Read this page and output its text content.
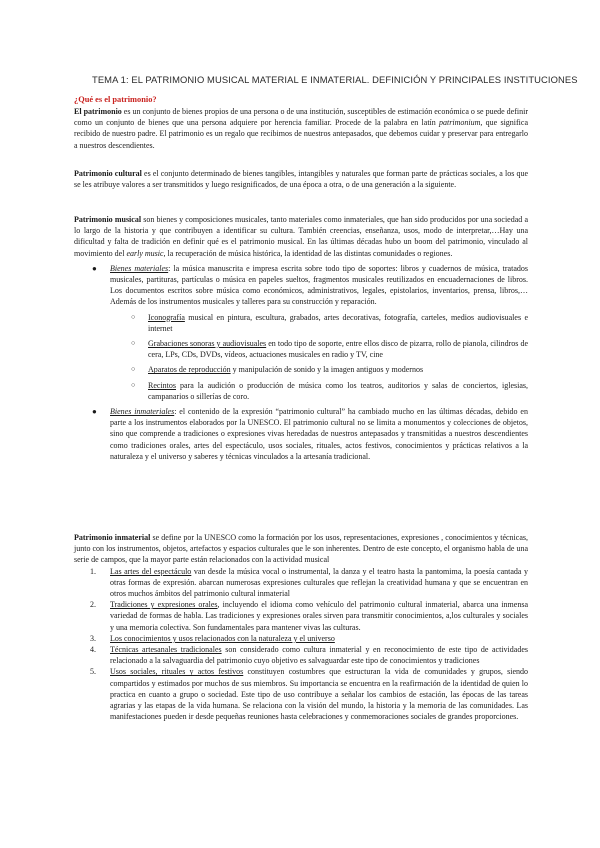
TEMA 1: EL PATRIMONIO MUSICAL MATERIAL E INMATERIAL. DEFINICIÓN Y PRINCIPALES INSTITUCIONES
¿Qué es el patrimonio?
El patrimonio es un conjunto de bienes propios de una persona o de una institución, susceptibles de estimación económica o se puede definir como un conjunto de bienes que una persona adquiere por herencia familiar. Procede de la palabra en latín patrimonium, que significa recibido de nuestro padre. El patrimonio es un regalo que recibimos de nuestros antepasados, que debemos cuidar y preservar para entregarlo a nuestros descendientes.
Patrimonio cultural es el conjunto determinado de bienes tangibles, intangibles y naturales que forman parte de prácticas sociales, a los que se les atribuye valores a ser transmitidos y luego resignificados, de una época a otra, o de una generación a la siguiente.
Patrimonio musical son bienes y composiciones musicales, tanto materiales como inmateriales, que han sido producidos por una sociedad a lo largo de la historia y que contribuyen a identificar su cultura. También creencias, enseñanza, usos, modo de interpretar,…Hay una dificultad y falta de tradición en definir qué es el patrimonio musical. En las últimas décadas hubo un boom del patrimonio, vinculado al movimiento del early music, la recuperación de música histórica, la identidad de las distintas comunidades o regiones.
● Bienes materiales: la música manuscrita e impresa escrita sobre todo tipo de soportes: libros y cuadernos de música, tratados musicales, partituras, partículas o música en papeles sueltos, fragmentos musicales reutilizados en encuadernaciones de libros. Los documentos escritos sobre música como económicos, administrativos, legales, epistolarios, inventarios, prensa, libros,… Además de los instrumentos musicales y talleres para su construcción y reparación.
○ Iconografía musical en pintura, escultura, grabados, artes decorativas, fotografía, carteles, medios audiovisuales e internet
○ Grabaciones sonoras y audiovisuales en todo tipo de soporte, entre ellos disco de pizarra, rollo de pianola, cilindros de cera, LPs, CDs, DVDs, vídeos, actuaciones musicales en radio y TV, cine
○ Aparatos de reproducción y manipulación de sonido y la imagen antiguos y modernos
○ Recintos para la audición o producción de música como los teatros, auditorios y salas de conciertos, iglesias, campanarios o sillerías de coro.
● Bienes inmateriales: el contenido de la expresión “patrimonio cultural” ha cambiado mucho en las últimas décadas, debido en parte a los instrumentos elaborados por la UNESCO. El patrimonio cultural no se limita a monumentos y colecciones de objetos, sino que comprende a tradiciones o expresiones vivas heredadas de nuestros antepasados y transmitidas a nuestros descendientes como tradiciones orales, artes del espectáculo, usos sociales, rituales, actos festivos, conocimientos y prácticas relativos a la naturaleza y el universo y saberes y técnicas vinculados a la artesanía tradicional.
Patrimonio inmaterial se define por la UNESCO como la formación por los usos, representaciones, expresiones , conocimientos y técnicas, junto con los instrumentos, objetos, artefactos y espacios culturales que le son inherentes. Dentro de este concepto, el organismo habla de una serie de campos, que la mayor parte están relacionados con la actividad musical
1. Las artes del espectáculo van desde la música vocal o instrumental, la danza y el teatro hasta la pantomima, la poesía cantada y otras formas de expresión. abarcan numerosas expresiones culturales que reflejan la creatividad humana y que se encuentran en otros muchos ámbitos del patrimonio cultural inmaterial
2. Tradiciones y expresiones orales, incluyendo el idioma como vehículo del patrimonio cultural inmaterial, abarca una inmensa variedad de formas de habla. Las tradiciones y expresiones orales sirven para transmitir conocimientos, a,los culturales y sociales y una memoria colectiva. Son fundamentales para mantener vivas las culturas.
3. Los conocimientos y usos relacionados con la naturaleza y el universo
4. Técnicas artesanales tradicionales son considerado como cultura inmaterial y en reconocimiento de este tipo de actividades relacionado a la salvaguardia del patrimonio cuyo objetivo es salvaguardar este tipo de conocimientos y tradiciones
5. Usos sociales, rituales y actos festivos constituyen costumbres que estructuran la vida de comunidades y grupos, siendo compartidos y estimados por muchos de sus miembros. Su importancia se encuentra en la reafirmación de la identidad de quien lo practica en cuanto a grupo o sociedad. Este tipo de uso contribuye a señalar los cambios de estación, las épocas de las tareas agrarias y las etapas de la vida humana. Se relaciona con la visión del mundo, la historia y la memoria de las comunidades. Las manifestaciones pueden ir desde pequeñas reuniones hasta celebraciones y conmemoraciones sociales de grandes proporciones.
